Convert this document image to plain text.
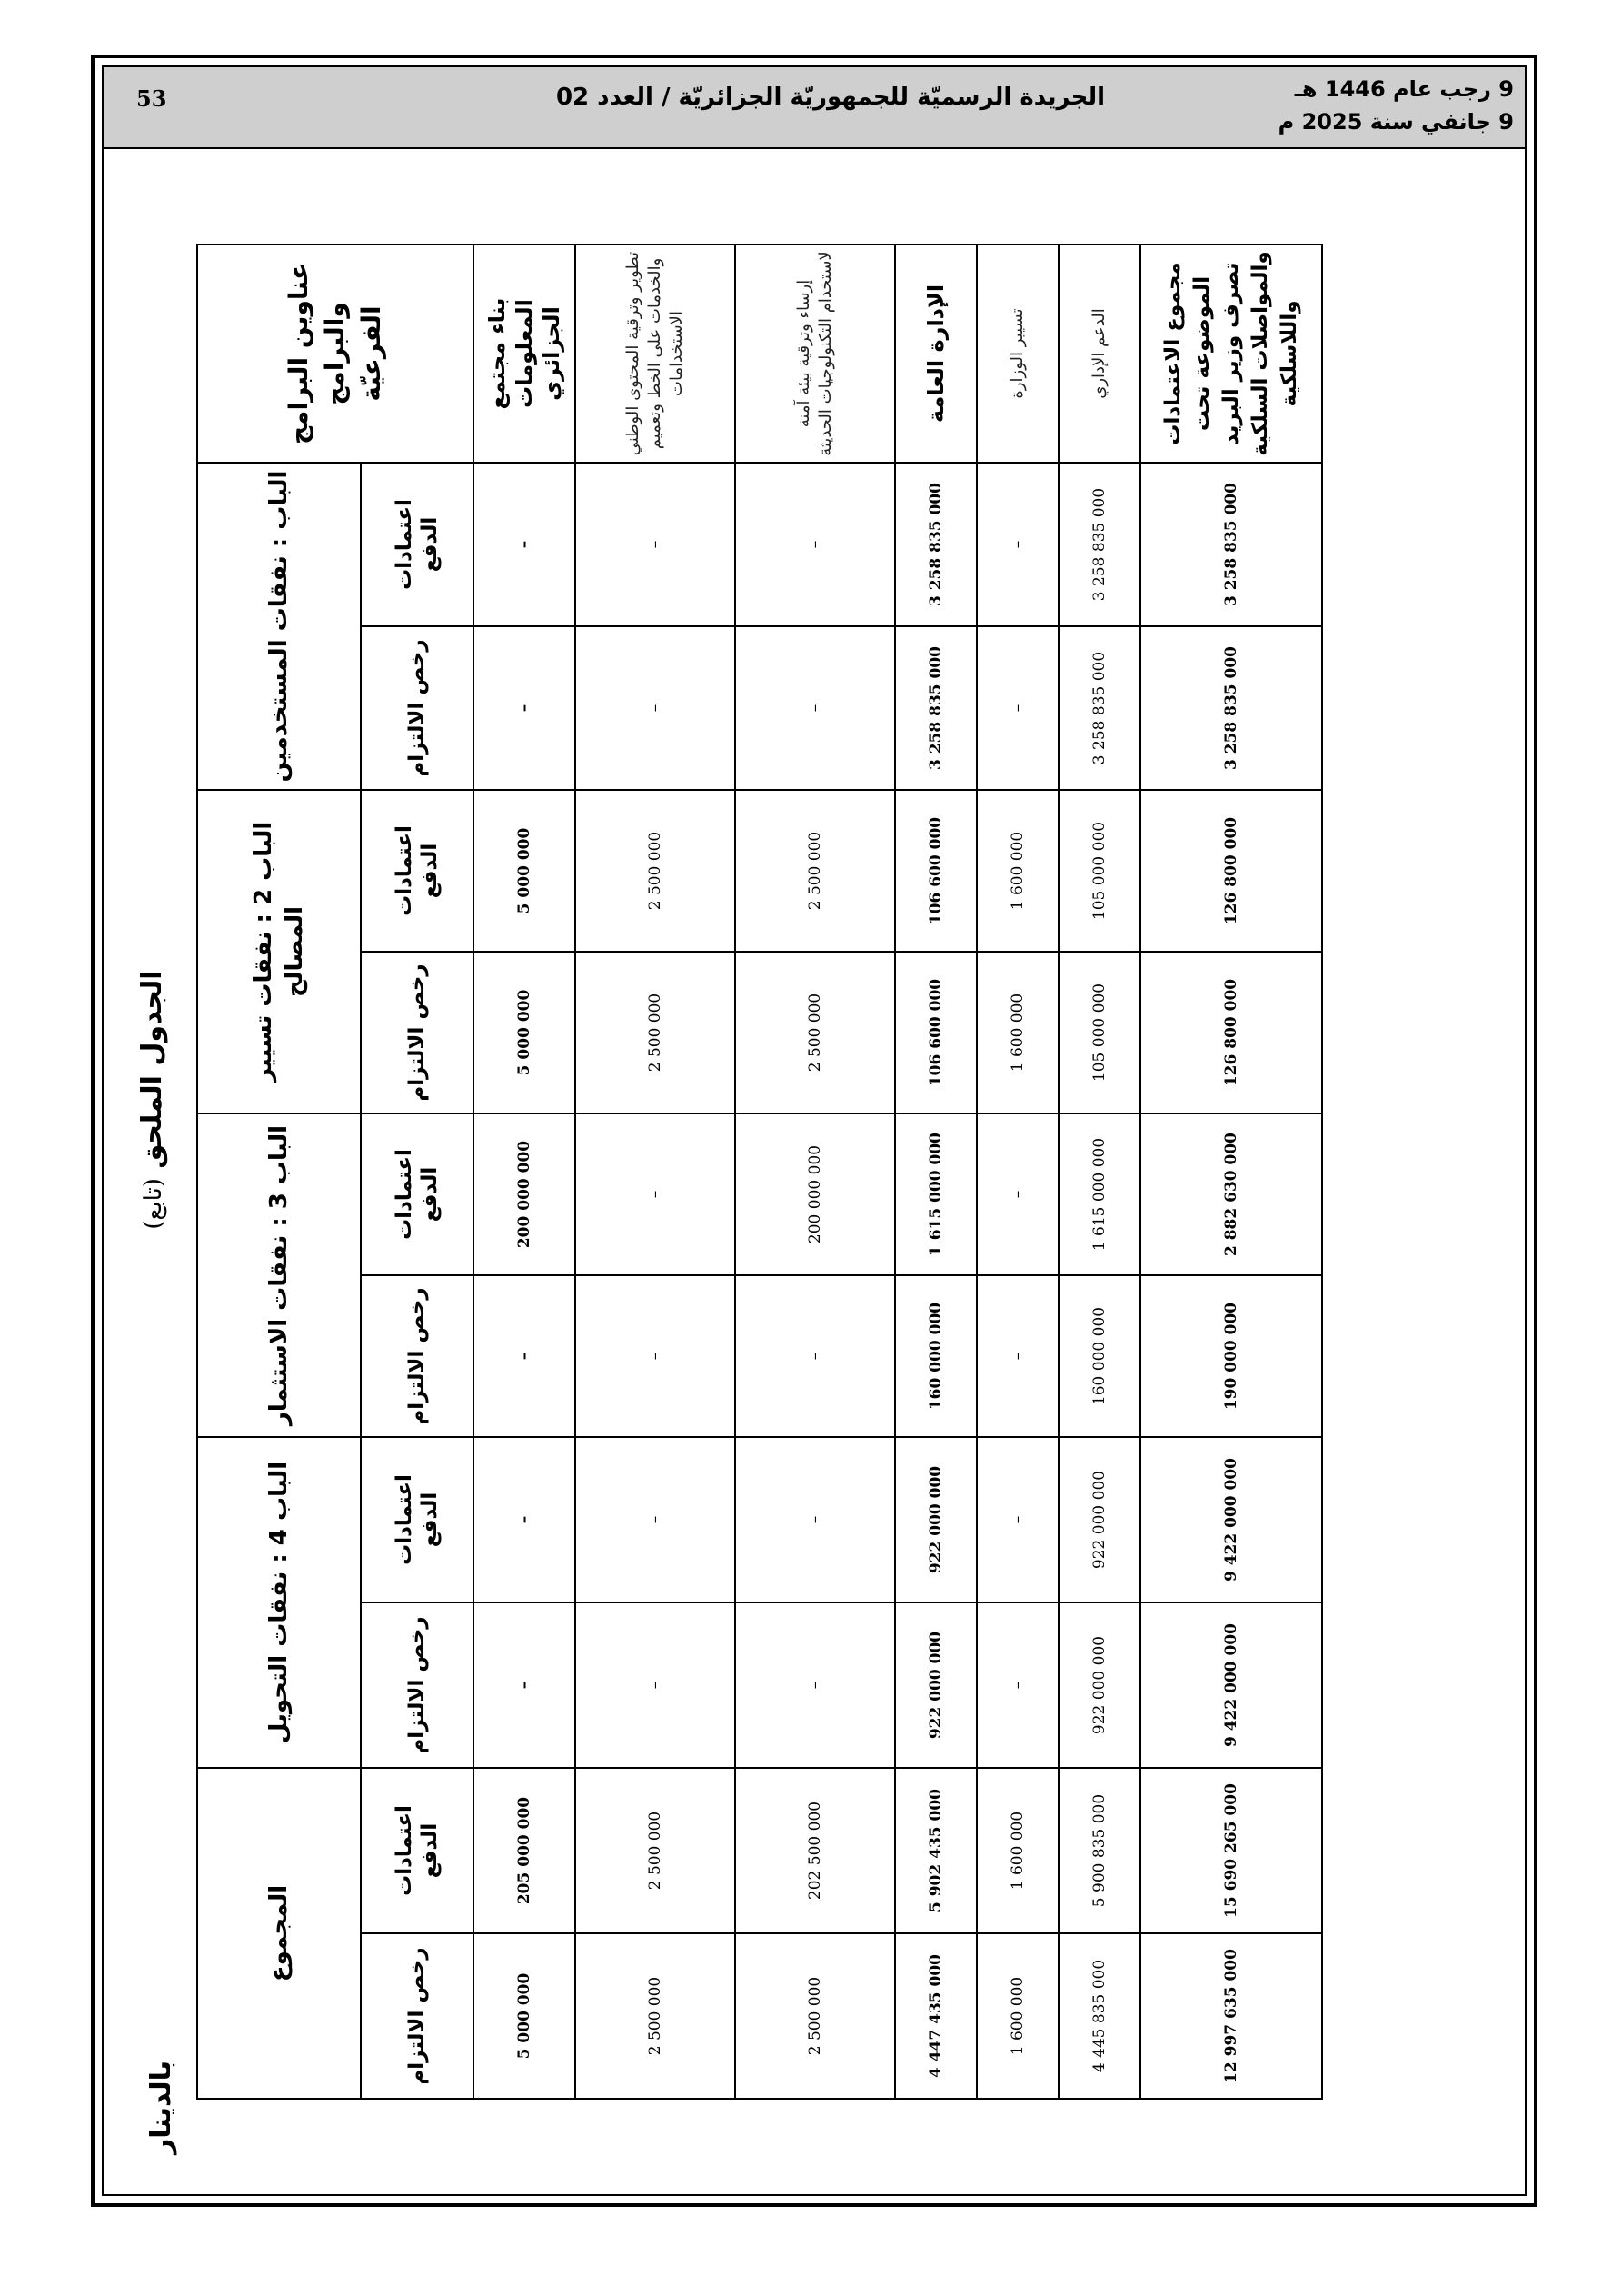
53	الجريدة الرسميّة للجمهوريّة الجزائريّة / العدد 02	9 رجب عام 1446 هـ
9 جانفي سنة 2025 م
بالدينار
الجدول الملحق (تابع)
عناوين البرامج والبرامج الفرعيّة	الباب : نفقات المستخدمين		الباب 2 : نفقات تسيير المصالح		الباب 3 : نفقات الاستثمار		الباب 4 : نفقات التحويل		المجموع	
	اعتمادات الدفع	رخص الالتزام	اعتمادات الدفع	رخص الالتزام	اعتمادات الدفع	رخص الالتزام	اعتمادات الدفع	رخص الالتزام	اعتمادات الدفع	رخص الالتزام
بناء مجتمع المعلومات الجزائري	–	–	5 000 000	5 000 000	200 000 000	–	–	–	205 000 000	5 000 000
تطوير وترقية المحتوى الوطني والخدمات على الخط وتعميم الاستخدامات	–	–	2 500 000	2 500 000	–	–	–	–	2 500 000	2 500 000
إرساء وترقية بيئة آمنة لاستخدام التكنولوجيات الحديثة	–	–	2 500 000	2 500 000	200 000 000	–	–	–	202 500 000	2 500 000
الإدارة العامة	3 258 835 000	3 258 835 000	106 600 000	106 600 000	1 615 000 000	160 000 000	922 000 000	922 000 000	5 902 435 000	4 447 435 000
تسيير الوزارة	–	–	1 600 000	1 600 000	–	–	–	–	1 600 000	1 600 000
الدعم الإداري	3 258 835 000	3 258 835 000	105 000 000	105 000 000	1 615 000 000	160 000 000	922 000 000	922 000 000	5 900 835 000	4 445 835 000
مجموع الاعتمادات الموضوعة تحت تصرف وزير البريد والمواصلات السلكية واللاسلكية	3 258 835 000	3 258 835 000	126 800 000	126 800 000	2 882 630 000	190 000 000	9 422 000 000	9 422 000 000	15 690 265 000	12 997 635 000
